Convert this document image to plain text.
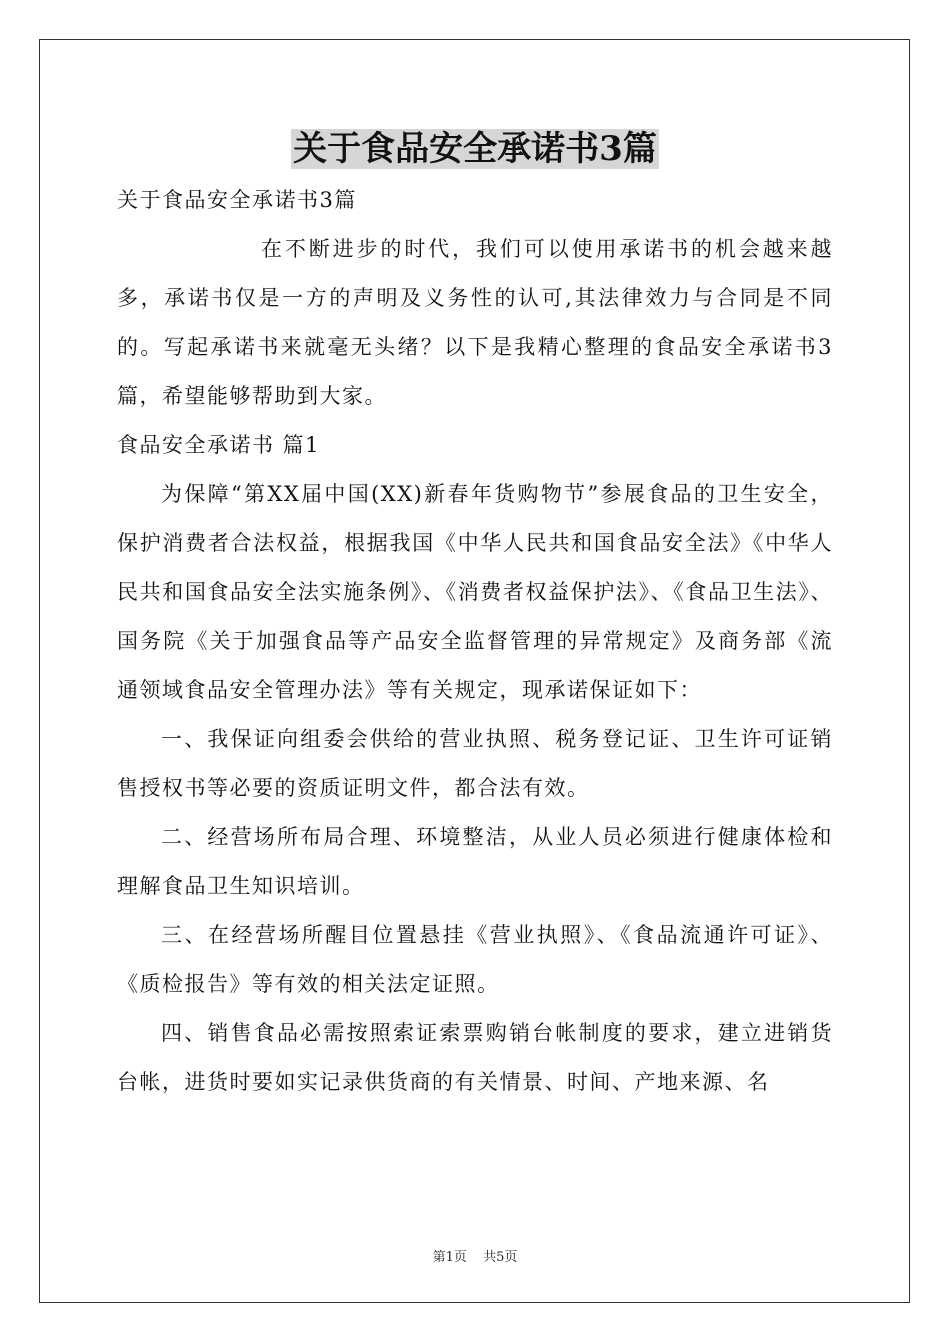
关于食品安全承诺书3篇

关于食品安全承诺书3篇

在不断进步的时代，我们可以使用承诺书的机会越来越多，承诺书仅是一方的声明及义务性的认可,其法律效力与合同是不同的。写起承诺书来就毫无头绪？以下是我精心整理的食品安全承诺书3篇，希望能够帮助到大家。

食品安全承诺书 篇1

为保障“第XX届中国(XX)新春年货购物节”参展食品的卫生安全，保护消费者合法权益，根据我国《中华人民共和国食品安全法》《中华人民共和国食品安全法实施条例》、《消费者权益保护法》、《食品卫生法》、国务院《关于加强食品等产品安全监督管理的异常规定》及商务部《流通领域食品安全管理办法》等有关规定，现承诺保证如下：

一、我保证向组委会供给的营业执照、税务登记证、卫生许可证销售授权书等必要的资质证明文件，都合法有效。

二、经营场所布局合理、环境整洁，从业人员必须进行健康体检和理解食品卫生知识培训。

三、在经营场所醒目位置悬挂《营业执照》、《食品流通许可证》、《质检报告》等有效的相关法定证照。

四、销售食品必需按照索证索票购销台帐制度的要求，建立进销货台帐，进货时要如实记录供货商的有关情景、时间、产地来源、名

第1页 共5页
